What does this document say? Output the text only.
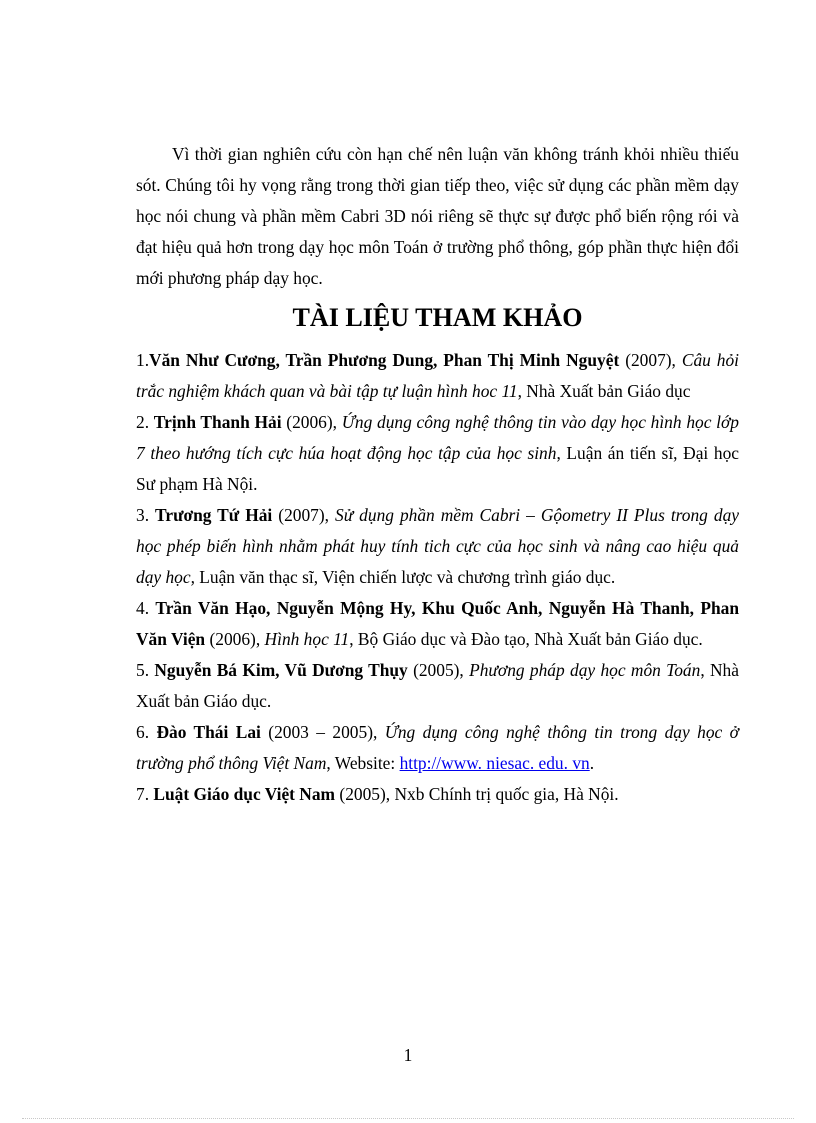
Vì thời gian nghiên cứu còn hạn chế nên luận văn không tránh khỏi nhiều thiếu sót. Chúng tôi hy vọng rằng trong thời gian tiếp theo, việc sử dụng các phần mềm dạy học nói chung và phần mềm Cabri 3D nói riêng sẽ thực sự được phổ biến rộng rói và đạt hiệu quả hơn trong dạy học môn Toán ở trường phổ thông, góp phần thực hiện đổi mới phương pháp dạy học.

TÀI LIỆU THAM KHẢO

1.Văn Như Cương, Trần Phương Dung, Phan Thị Minh Nguyệt (2007), Câu hỏi trắc nghiệm khách quan và bài tập tự luận hình hoc 11, Nhà Xuất bản Giáo dục

2. Trịnh Thanh Hải (2006), Ứng dụng công nghệ thông tin vào dạy học hình học lớp 7 theo hướng tích cực húa hoạt động học tập của học sinh, Luận án tiến sĩ, Đại học Sư phạm Hà Nội.

3. Trương Tứ Hải (2007), Sử dụng phần mềm Cabri – Gộometry II Plus trong dạy học phép biến hình nhằm phát huy tính tich cực của học sinh và nâng cao hiệu quả dạy học, Luận văn thạc sĩ, Viện chiến lược và chương trình giáo dục.

4. Trần Văn Hạo, Nguyễn Mộng Hy, Khu Quốc Anh, Nguyễn Hà Thanh, Phan Văn Viện (2006), Hình học 11, Bộ Giáo dục và Đào tạo, Nhà Xuất bản Giáo dục.

5. Nguyễn Bá Kim, Vũ Dương Thụy (2005), Phương pháp dạy học môn Toán, Nhà Xuất bản Giáo dục.

6. Đào Thái Lai (2003 – 2005), Ứng dụng công nghệ thông tin trong dạy học ở trường phổ thông Việt Nam, Website: http://www. niesac. edu. vn.

7. Luật Giáo dục Việt Nam (2005), Nxb Chính trị quốc gia, Hà Nội.

1
